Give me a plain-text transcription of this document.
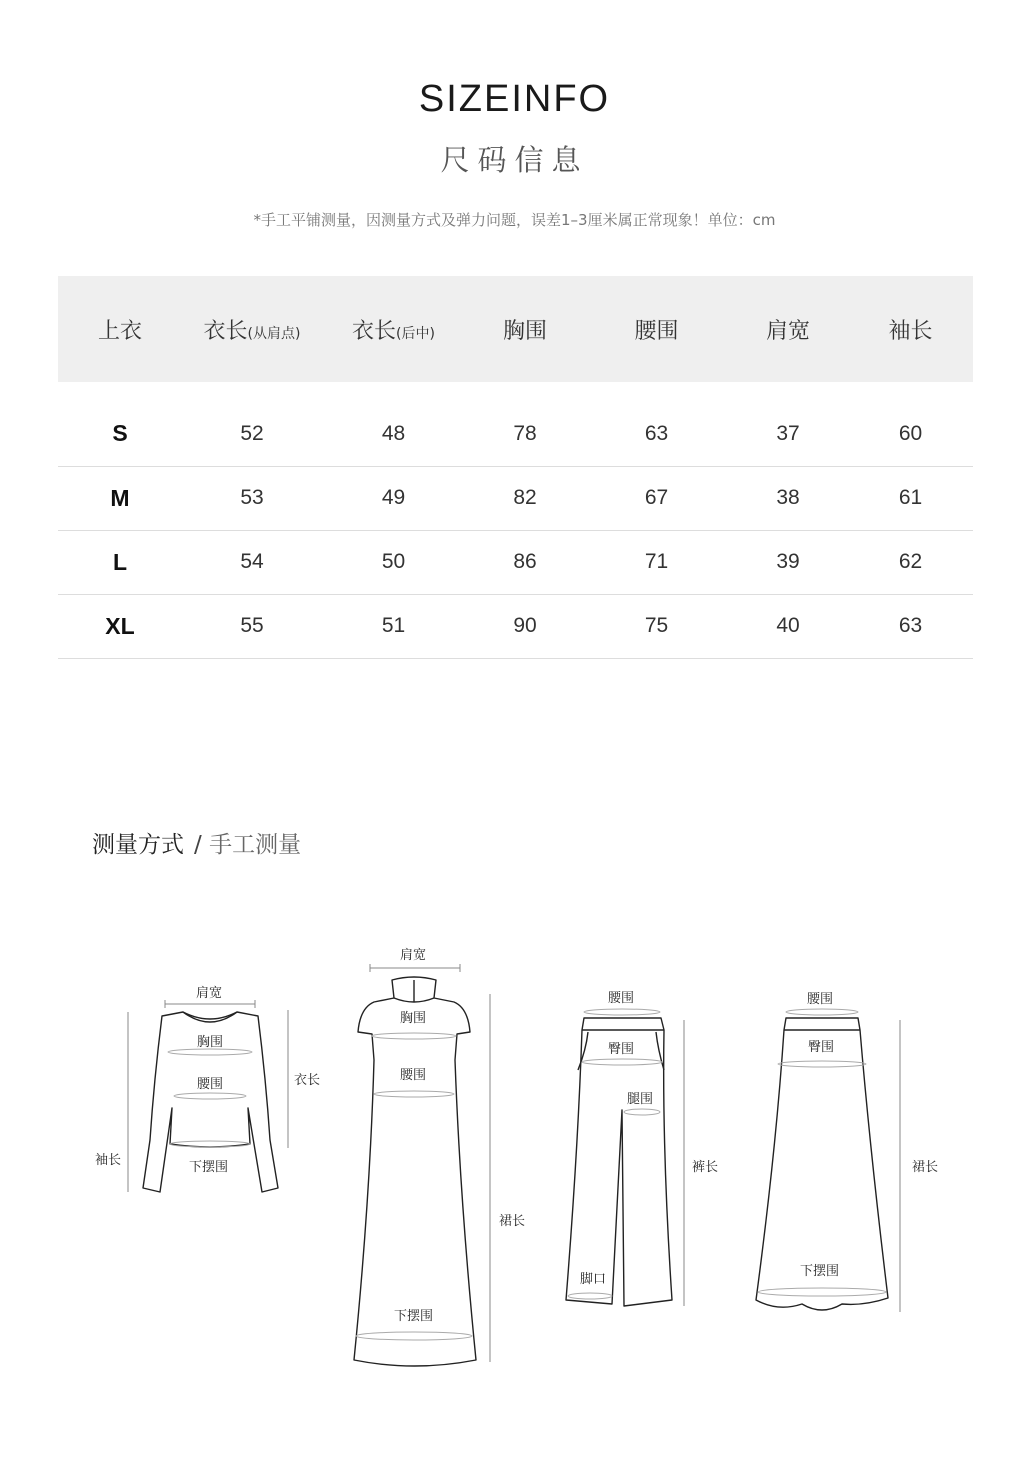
SIZEINFO
尺码信息
*手工平铺测量，因测量方式及弹力问题，误差1–3厘米属正常现象！单位：cm
上衣	衣长(从肩点)	衣长(后中)	胸围	腰围	肩宽	袖长

S	52	48	78	63	37	60
M	53	49	82	67	38	61
L	54	50	86	71	39	62
XL	55	51	90	75	40	63
测量方式 / 手工测量
肩宽
胸围
腰围	衣长
袖长	下摆围
肩宽
胸围
腰围
裙长
下摆围
腰围
臀围
腿围
裤长
脚口
腰围
臀围
裙长
下摆围
